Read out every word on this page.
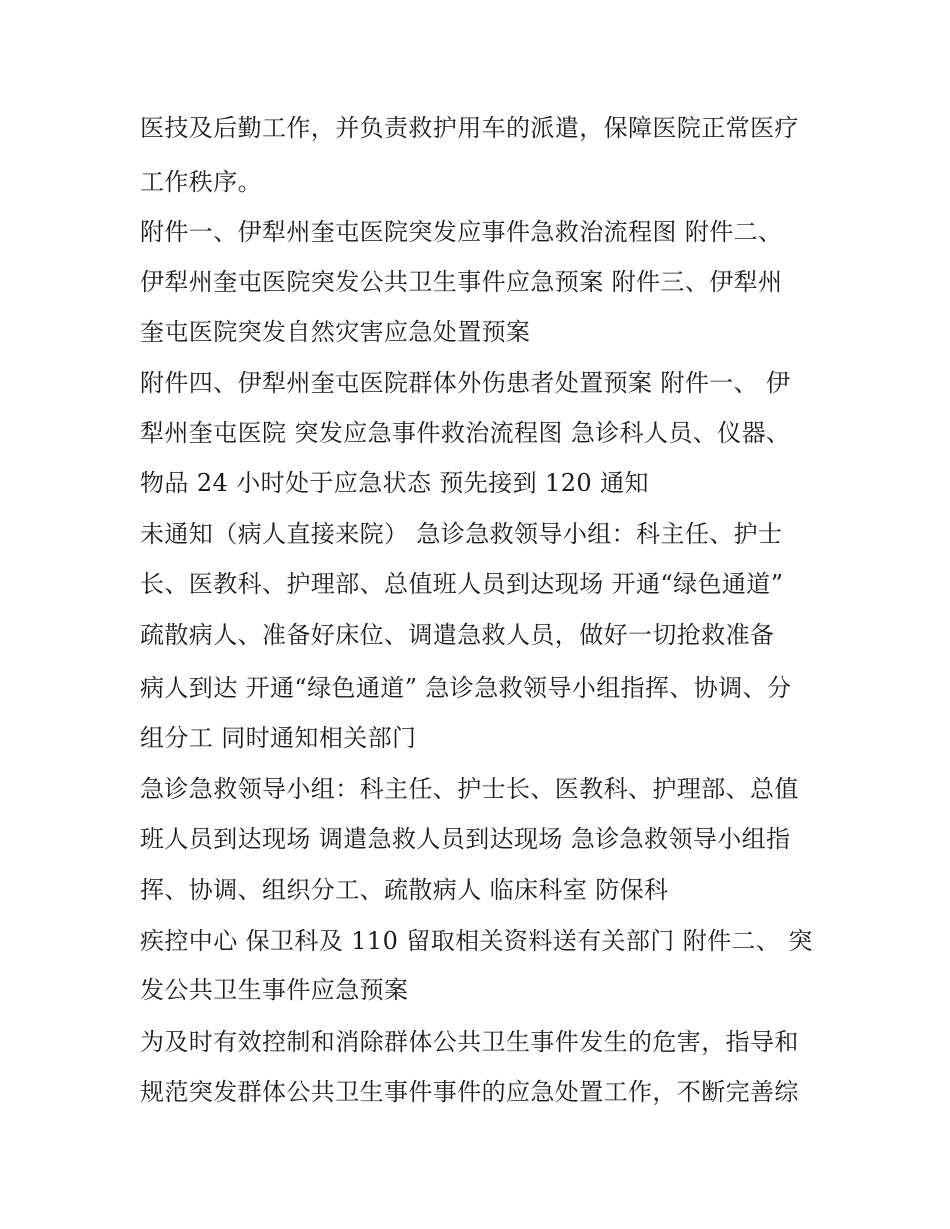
医技及后勤工作，并负责救护用车的派遣，保障医院正常医疗
工作秩序。
附件一、伊犁州奎屯医院突发应事件急救治流程图 附件二、
伊犁州奎屯医院突发公共卫生事件应急预案 附件三、伊犁州
奎屯医院突发自然灾害应急处置预案
附件四、伊犁州奎屯医院群体外伤患者处置预案 附件一、 伊
犁州奎屯医院 突发应急事件救治流程图 急诊科人员、仪器、
物品 24 小时处于应急状态 预先接到 120 通知
未通知（病人直接来院） 急诊急救领导小组：科主任、护士
长、医教科、护理部、总值班人员到达现场 开通“绿色通道”
疏散病人、准备好床位、调遣急救人员，做好一切抢救准备
病人到达 开通“绿色通道” 急诊急救领导小组指挥、协调、分
组分工 同时通知相关部门
急诊急救领导小组：科主任、护士长、医教科、护理部、总值
班人员到达现场 调遣急救人员到达现场 急诊急救领导小组指
挥、协调、组织分工、疏散病人 临床科室 防保科
疾控中心 保卫科及 110 留取相关资料送有关部门 附件二、 突
发公共卫生事件应急预案
为及时有效控制和消除群体公共卫生事件发生的危害，指导和
规范突发群体公共卫生事件事件的应急处置工作，不断完善综
